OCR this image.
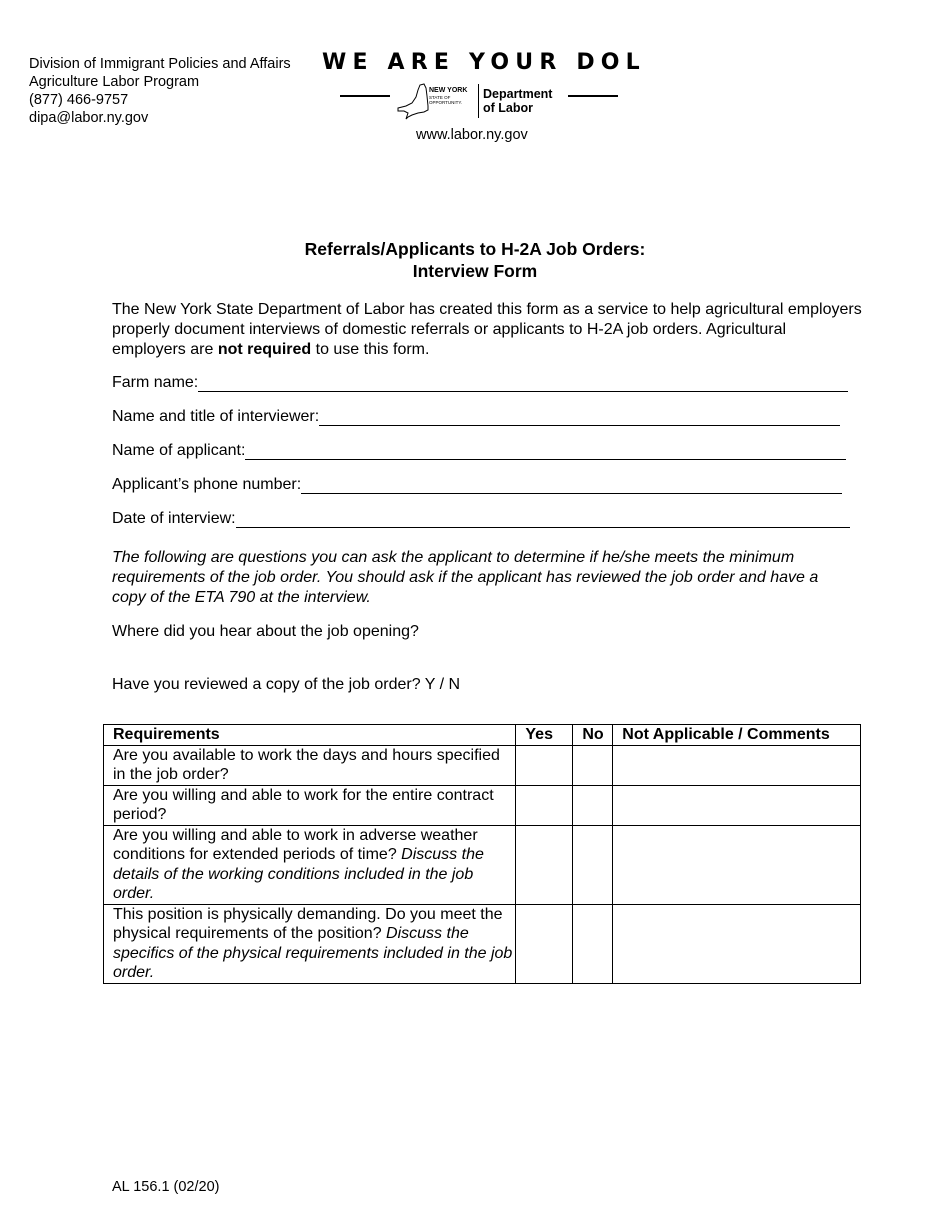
Division of Immigrant Policies and Affairs
Agriculture Labor Program
(877) 466-9757
dipa@labor.ny.gov
WE ARE YOUR DOL
NEW YORK
STATE OF
OPPORTUNITY.
Department
of Labor
www.labor.ny.gov
Referrals/Applicants to H-2A Job Orders:
Interview Form
The New York State Department of Labor has created this form as a service to help agricultural employers properly document interviews of domestic referrals or applicants to H-2A job orders. Agricultural employers are not required to use this form.
Farm name:
Name and title of interviewer:
Name of applicant:
Applicant’s phone number:
Date of interview:
The following are questions you can ask the applicant to determine if he/she meets the minimum requirements of the job order. You should ask if the applicant has reviewed the job order and have a copy of the ETA 790 at the interview.
Where did you hear about the job opening?
Have you reviewed a copy of the job order? Y / N
Requirements	Yes	No	Not Applicable / Comments
Are you available to work the days and hours specified in the job order?			
Are you willing and able to work for the entire contract period?			
Are you willing and able to work in adverse weather conditions for extended periods of time? Discuss the details of the working conditions included in the job order.			
This position is physically demanding. Do you meet the physical requirements of the position? Discuss the specifics of the physical requirements included in the job order.			
AL 156.1 (02/20)
